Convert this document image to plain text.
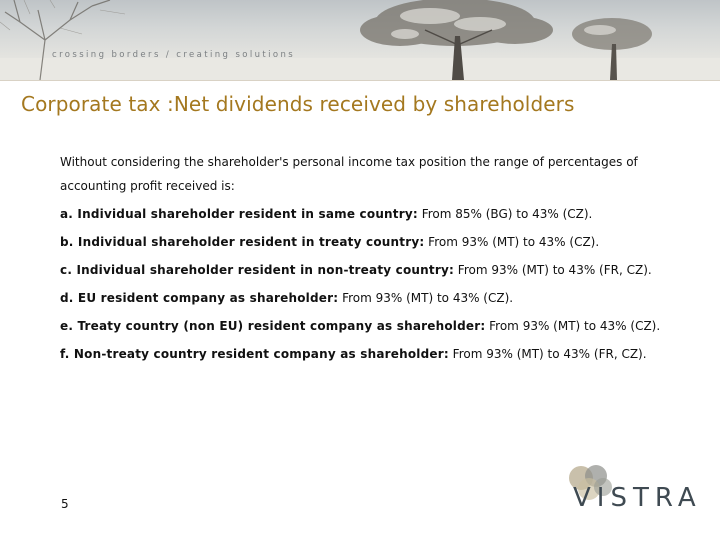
crossing borders / creating solutions
Corporate tax :Net dividends received by shareholders

Without considering the shareholder's personal income tax position the range of percentages of accounting profit received is:

a. Individual shareholder resident in same country: From 85% (BG) to 43% (CZ).

b. Individual shareholder resident in treaty country: From 93% (MT) to 43% (CZ).

c. Individual shareholder resident in non-treaty country: From 93% (MT) to 43% (FR, CZ).

d. EU resident company as shareholder: From 93% (MT) to 43% (CZ).

e. Treaty country (non EU) resident company as shareholder: From 93% (MT) to 43% (CZ).

f. Non-treaty country resident company as shareholder: From 93% (MT) to 43% (FR, CZ).

5	VISTRA
